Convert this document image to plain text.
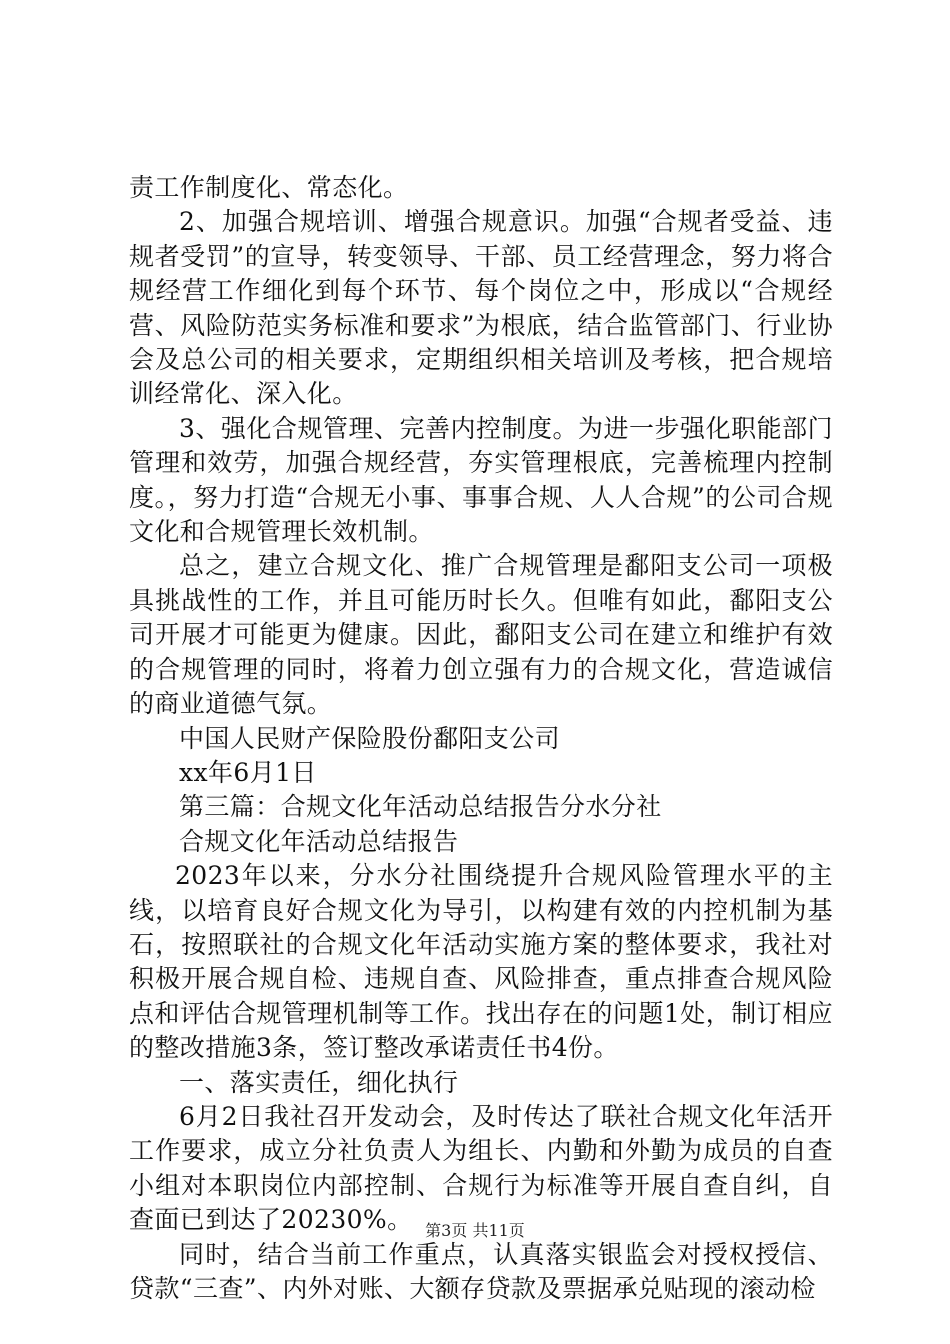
责工作制度化、常态化。

2、加强合规培训、增强合规意识。加强“合规者受益、违规者受罚”的宣导，转变领导、干部、员工经营理念，努力将合规经营工作细化到每个环节、每个岗位之中，形成以“合规经营、风险防范实务标准和要求”为根底，结合监管部门、行业协会及总公司的相关要求，定期组织相关培训及考核，把合规培训经常化、深入化。

3、强化合规管理、完善内控制度。为进一步强化职能部门管理和效劳，加强合规经营，夯实管理根底，完善梳理内控制度。，努力打造“合规无小事、事事合规、人人合规”的公司合规文化和合规管理长效机制。

总之，建立合规文化、推广合规管理是鄱阳支公司一项极具挑战性的工作，并且可能历时长久。但唯有如此，鄱阳支公司开展才可能更为健康。因此，鄱阳支公司在建立和维护有效的合规管理的同时，将着力创立强有力的合规文化，营造诚信的商业道德气氛。

中国人民财产保险股份鄱阳支公司

xx年6月1日

第三篇：合规文化年活动总结报告分水分社

合规文化年活动总结报告

2023年以来，分水分社围绕提升合规风险管理水平的主线，以培育良好合规文化为导引，以构建有效的内控机制为基石，按照联社的合规文化年活动实施方案的整体要求，我社对积极开展合规自检、违规自查、风险排查，重点排查合规风险点和评估合规管理机制等工作。找出存在的问题1处，制订相应的整改措施3条，签订整改承诺责任书4份。

一、落实责任，细化执行

6月2日我社召开发动会，及时传达了联社合规文化年活开工作要求，成立分社负责人为组长、内勤和外勤为成员的自查小组对本职岗位内部控制、合规行为标准等开展自查自纠，自查面已到达了20230%。

同时，结合当前工作重点，认真落实银监会对授权授信、贷款“三查”、内外对账、大额存贷款及票据承兑贴现的滚动检

第3页 共11页
